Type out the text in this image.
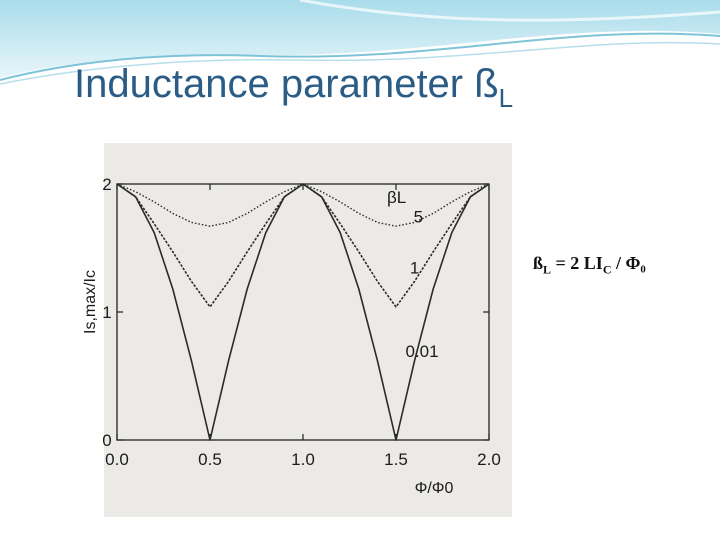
Inductance parameter $ß_L$
0.0	0.5	1.0	1.5	2.0
0
1
2
5
1
0.01
Is,max/Ic
Φ/Φ0
βL
$ß_L = 2$ $LI_C / \Phi_0$
